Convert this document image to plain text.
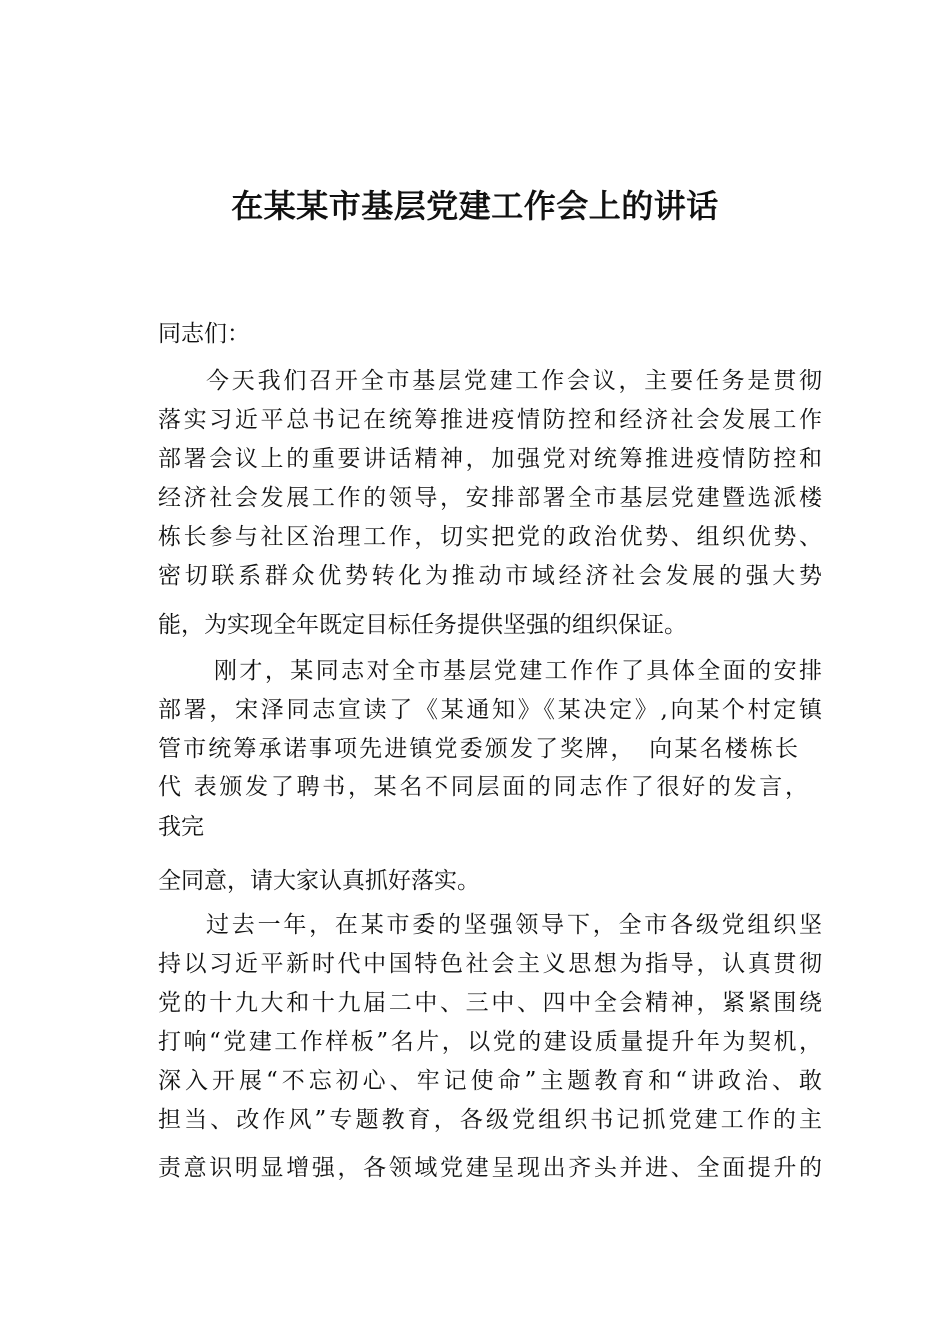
在某某市基层党建工作会上的讲话
同志们：
今天我们召开全市基层党建工作会议，主要任务是贯彻
落实习近平总书记在统筹推进疫情防控和经济社会发展工作
部署会议上的重要讲话精神，加强党对统筹推进疫情防控和
经济社会发展工作的领导，安排部署全市基层党建暨选派楼
栋长参与社区治理工作，切实把党的政治优势、组织优势、
密切联系群众优势转化为推动市域经济社会发展的强大势
能，为实现全年既定目标任务提供坚强的组织保证。
刚才，某同志对全市基层党建工作作了具体全面的安排
部署，宋泽同志宣读了《某通知》《某决定》,向某个村定镇
管市统筹承诺事项先进镇党委颁发了奖牌，　向某名楼栋长
代 表颁发了聘书，某名不同层面的同志作了很好的发言，
我完
全同意，请大家认真抓好落实。
过去一年，在某市委的坚强领导下，全市各级党组织坚
持以习近平新时代中国特色社会主义思想为指导，认真贯彻
党的十九大和十九届二中、三中、四中全会精神，紧紧围绕
打响“党建工作样板”名片，以党的建设质量提升年为契机，
深入开展“不忘初心、牢记使命”主题教育和“讲政治、敢
担当、改作风”专题教育，各级党组织书记抓党建工作的主
责意识明显增强，各领域党建呈现出齐头并进、全面提升的
